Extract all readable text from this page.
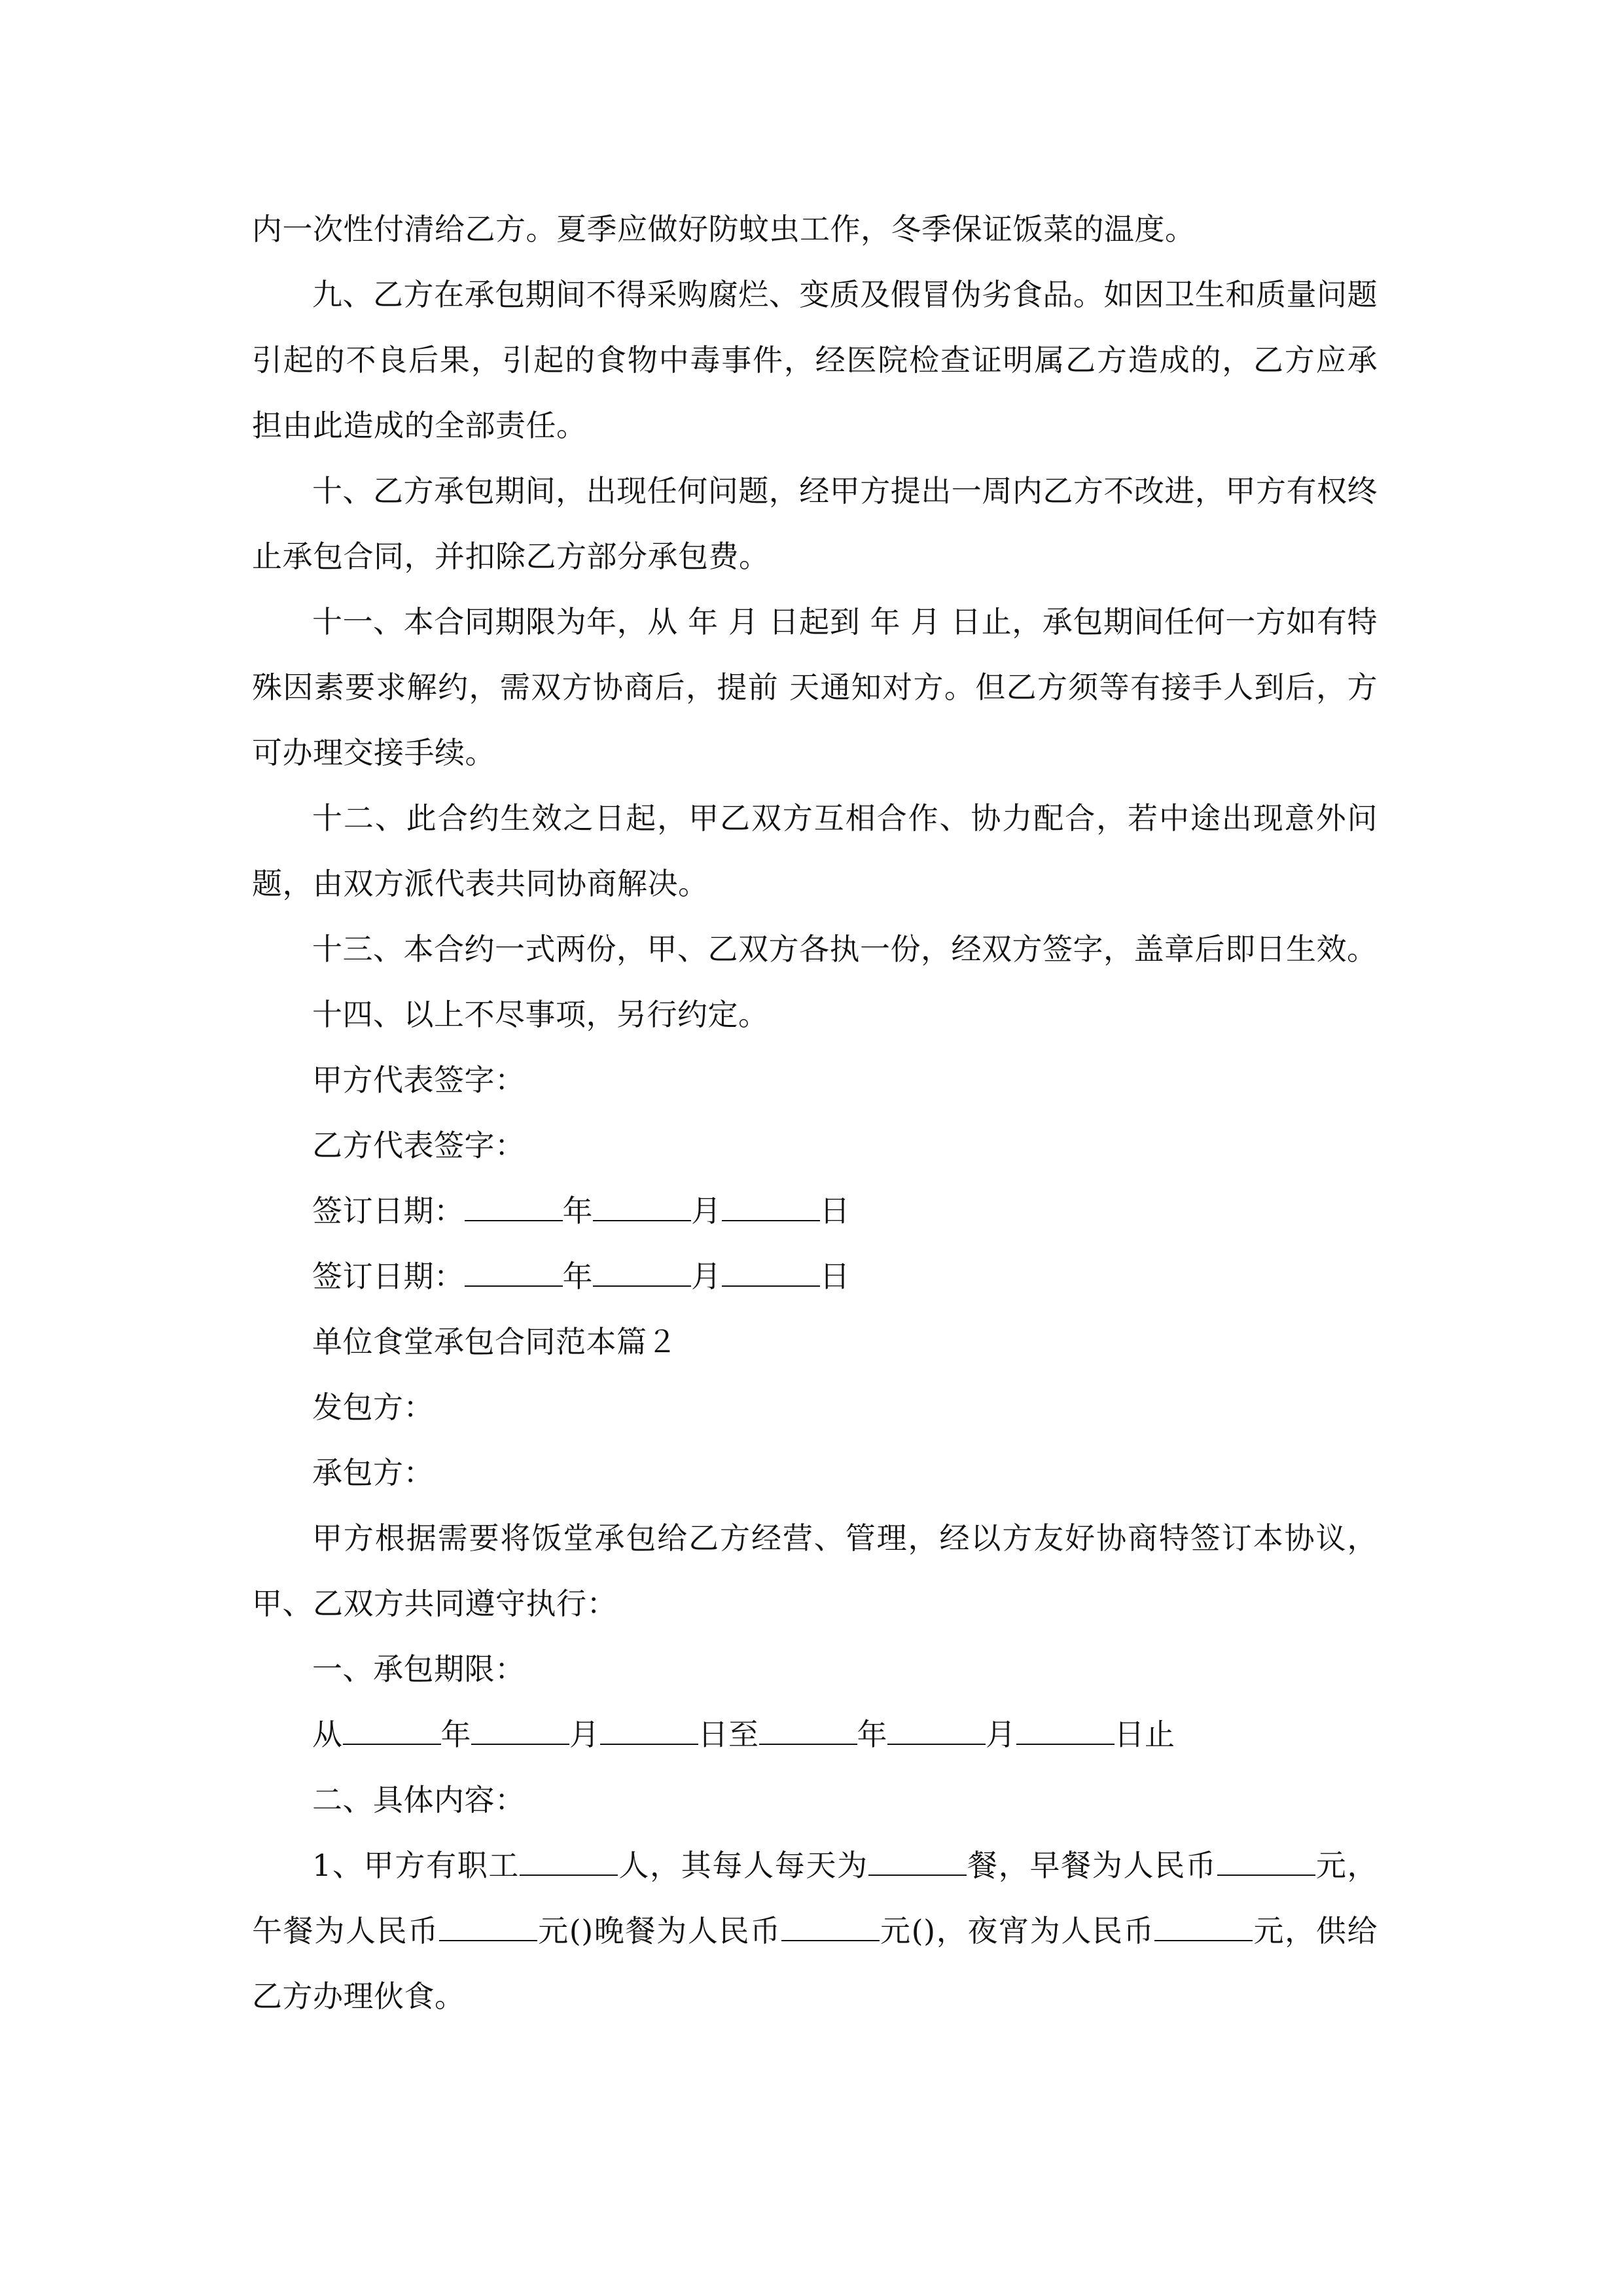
内一次性付清给乙方。夏季应做好防蚊虫工作，冬季保证饭菜的温度。

九、乙方在承包期间不得采购腐烂、变质及假冒伪劣食品。如因卫生和质量问题引起的不良后果，引起的食物中毒事件，经医院检查证明属乙方造成的，乙方应承担由此造成的全部责任。

十、乙方承包期间，出现任何问题，经甲方提出一周内乙方不改进，甲方有权终止承包合同，并扣除乙方部分承包费。

十一、本合同期限为年，从 年 月 日起到 年 月 日止，承包期间任何一方如有特殊因素要求解约，需双方协商后，提前 天通知对方。但乙方须等有接手人到后，方可办理交接手续。

十二、此合约生效之日起，甲乙双方互相合作、协力配合，若中途出现意外问题，由双方派代表共同协商解决。

十三、本合约一式两份，甲、乙双方各执一份，经双方签字，盖章后即日生效。

十四、以上不尽事项，另行约定。

甲方代表签字：

乙方代表签字：

签订日期：	年	月	日

签订日期：	年	月	日

单位食堂承包合同范本篇２

发包方：

承包方：

甲方根据需要将饭堂承包给乙方经营、管理，经以方友好协商特签订本协议，甲、乙双方共同遵守执行：

一、承包期限：

从	年	月	日至	年	月	日止

二、具体内容：

1、甲方有职工	人，其每人每天为	餐，早餐为人民币	元，午餐为人民币	元()晚餐为人民币	元()，夜宵为人民币	元，供给乙方办理伙食。
